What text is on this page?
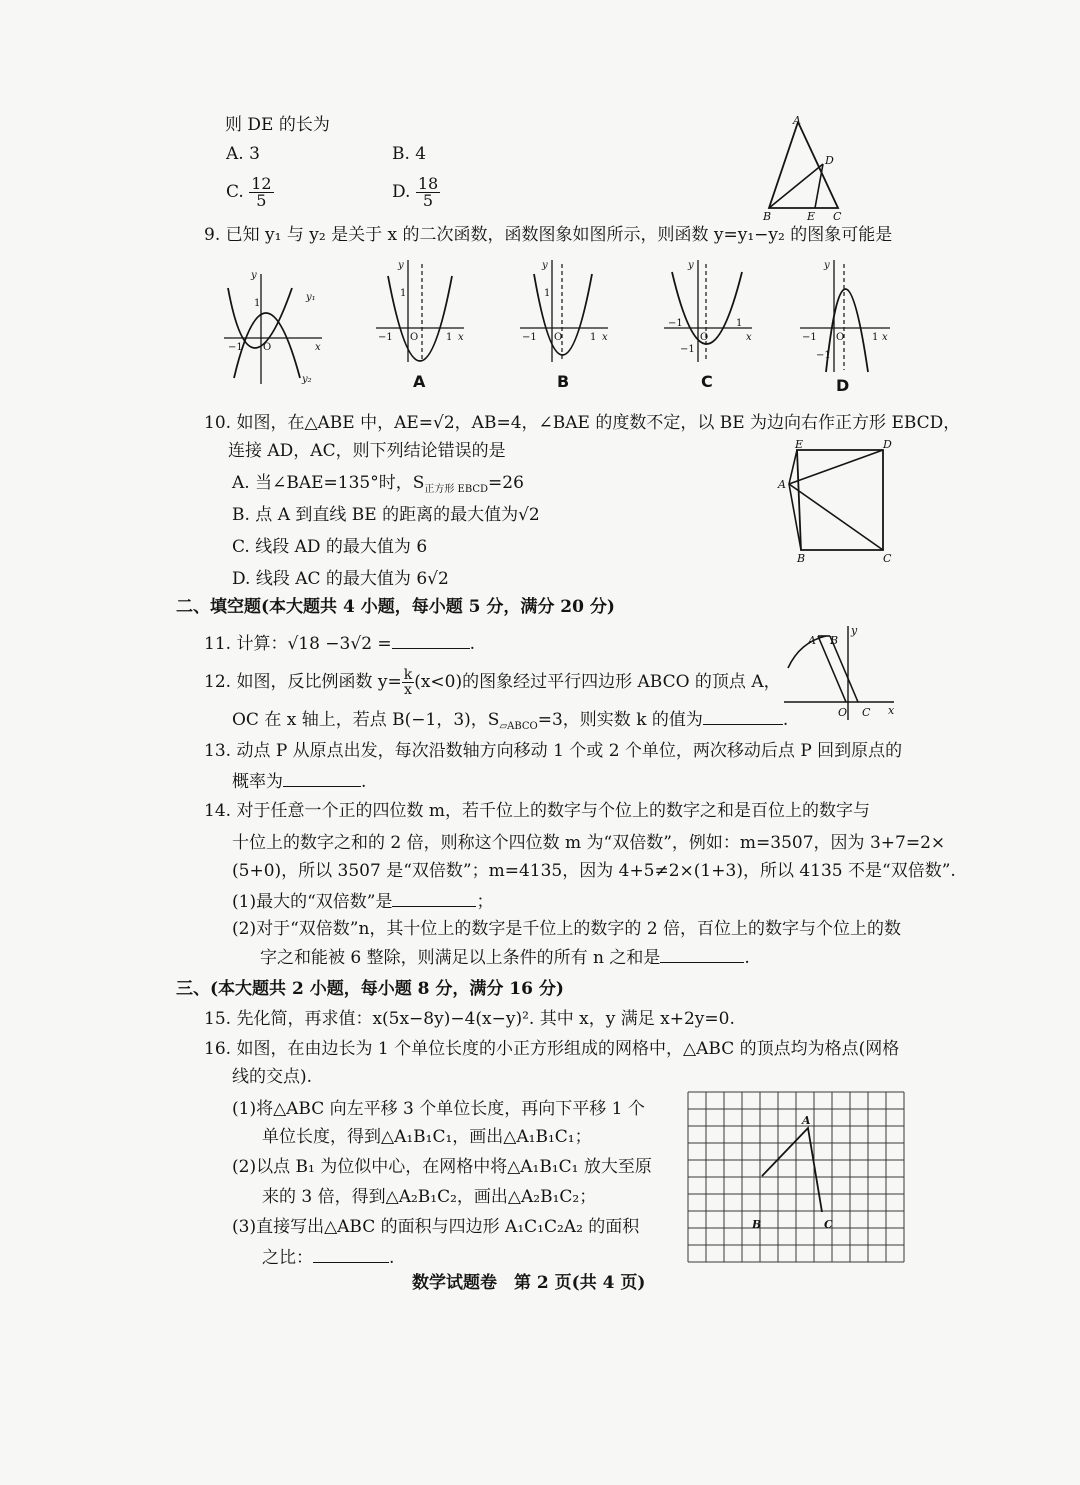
则 DE 的长为
A. 3	B. 4
C. $\frac{12}{5}$	D. $\frac{18}{5}$
A
D
B	E C
9. 已知 y₁ 与 y₂ 是关于 x 的二次函数，函数图象如图所示，则函数 y=y₁−y₂ 的图象可能是
y
x
O
1
−1
y₁
y₂
y
x
O
−1	1
1
A
y
x
O
−1	1
1
B
y
x
O
−1	1
−1
C
y
x
O
−1	1
−1
D
10. 如图，在△ABE 中，AE=√2，AB=4，∠BAE 的度数不定，以 BE 为边向右作正方形 EBCD，
连接 AD，AC，则下列结论错误的是
A. 当∠BAE=135°时，$S_{正方形 EBCD}=26$
B. 点 A 到直线 BE 的距离的最大值为√2
C. 线段 AD 的最大值为 6
D. 线段 AC 的最大值为 6√2
E	D
A
B	C
二、填空题(本大题共 4 小题，每小题 5 分，满分 20 分)
11. 计算：√18 −3√2 =	.
12. 如图，反比例函数 $y= \frac{k}{x} (x<0)$的图象经过平行四边形 ABCO 的顶点 A，
OC 在 x 轴上，若点 B(−1，3)，$S_{▱ABCO}=3$，则实数 k 的值为	.
A B
y
O C x
13. 动点 P 从原点出发，每次沿数轴方向移动 1 个或 2 个单位，两次移动后点 P 回到原点的
概率为	.
14. 对于任意一个正的四位数 m，若千位上的数字与个位上的数字之和是百位上的数字与
十位上的数字之和的 2 倍，则称这个四位数 m 为“双倍数”，例如：m=3507，因为 3+7=2×
(5+0)，所以 3507 是“双倍数”；m=4135，因为 4+5≠2×(1+3)，所以 4135 不是“双倍数”.
(1)最大的“双倍数”是	；
(2)对于“双倍数”n，其十位上的数字是千位上的数字的 2 倍，百位上的数字与个位上的数
字之和能被 6 整除，则满足以上条件的所有 n 之和是	.
三、(本大题共 2 小题，每小题 8 分，满分 16 分)
15. 先化简，再求值：x(5x−8y)−4(x−y)². 其中 x，y 满足 x+2y=0.
16. 如图，在由边长为 1 个单位长度的小正方形组成的网格中，△ABC 的顶点均为格点(网格
线的交点).
(1)将△ABC 向左平移 3 个单位长度，再向下平移 1 个
单位长度，得到△A₁B₁C₁，画出△A₁B₁C₁；
(2)以点 B₁ 为位似中心，在网格中将△A₁B₁C₁ 放大至原
来的 3 倍，得到△A₂B₁C₂，画出△A₂B₁C₂；
(3)直接写出△ABC 的面积与四边形 A₁C₁C₂A₂ 的面积
之比：	.
A
B	C
数学试题卷　第 2 页(共 4 页)
